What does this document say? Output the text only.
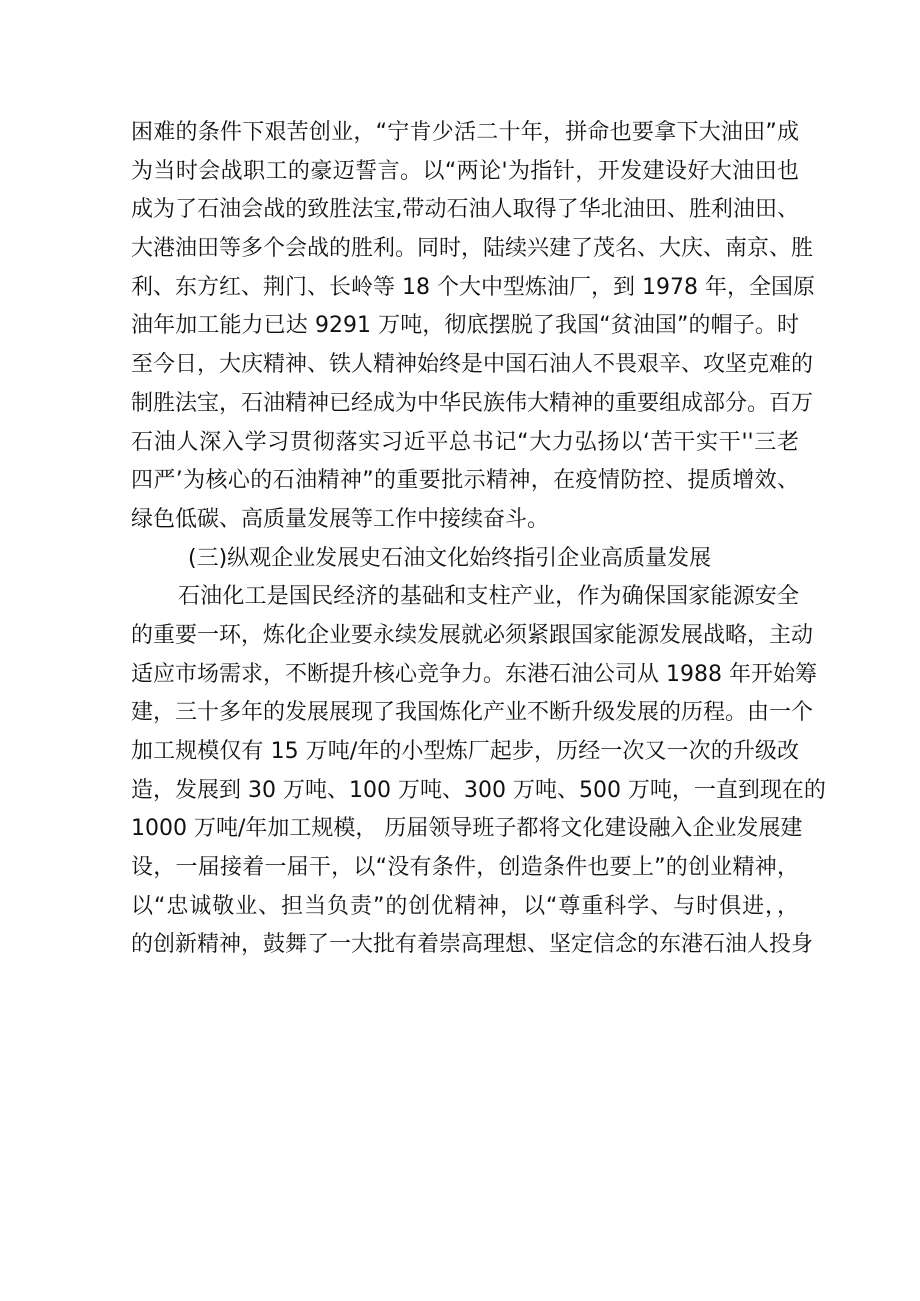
困难的条件下艰苦创业，“宁肯少活二十年，拼命也要拿下大油田”成
为当时会战职工的豪迈誓言。以“两论'为指针，开发建设好大油田也
成为了石油会战的致胜法宝,带动石油人取得了华北油田、胜利油田、
大港油田等多个会战的胜利。同时，陆续兴建了茂名、大庆、南京、胜
利、东方红、荆门、长岭等 18 个大中型炼油厂，到 1978 年，全国原
油年加工能力已达 9291 万吨，彻底摆脱了我国“贫油国”的帽子。时
至今日，大庆精神、铁人精神始终是中国石油人不畏艰辛、攻坚克难的
制胜法宝，石油精神已经成为中华民族伟大精神的重要组成部分。百万
石油人深入学习贯彻落实习近平总书记“大力弘扬以‘苦干实干''三老
四严’为核心的石油精神”的重要批示精神，在疫情防控、提质增效、
绿色低碳、高质量发展等工作中接续奋斗。
(三)纵观企业发展史石油文化始终指引企业高质量发展
石油化工是国民经济的基础和支柱产业，作为确保国家能源安全
的重要一环，炼化企业要永续发展就必须紧跟国家能源发展战略，主动
适应市场需求，不断提升核心竞争力。东港石油公司从 1988 年开始筹
建，三十多年的发展展现了我国炼化产业不断升级发展的历程。由一个
加工规模仅有 15 万吨/年的小型炼厂起步，历经一次又一次的升级改
造，发展到 30 万吨、100 万吨、300 万吨、500 万吨，一直到现在的
1000 万吨/年加工规模， 历届领导班子都将文化建设融入企业发展建
设，一届接着一届干，以“没有条件，创造条件也要上”的创业精神，
以“忠诚敬业、担当负责”的创优精神，以“尊重科学、与时俱进，，
的创新精神，鼓舞了一大批有着崇高理想、坚定信念的东港石油人投身
